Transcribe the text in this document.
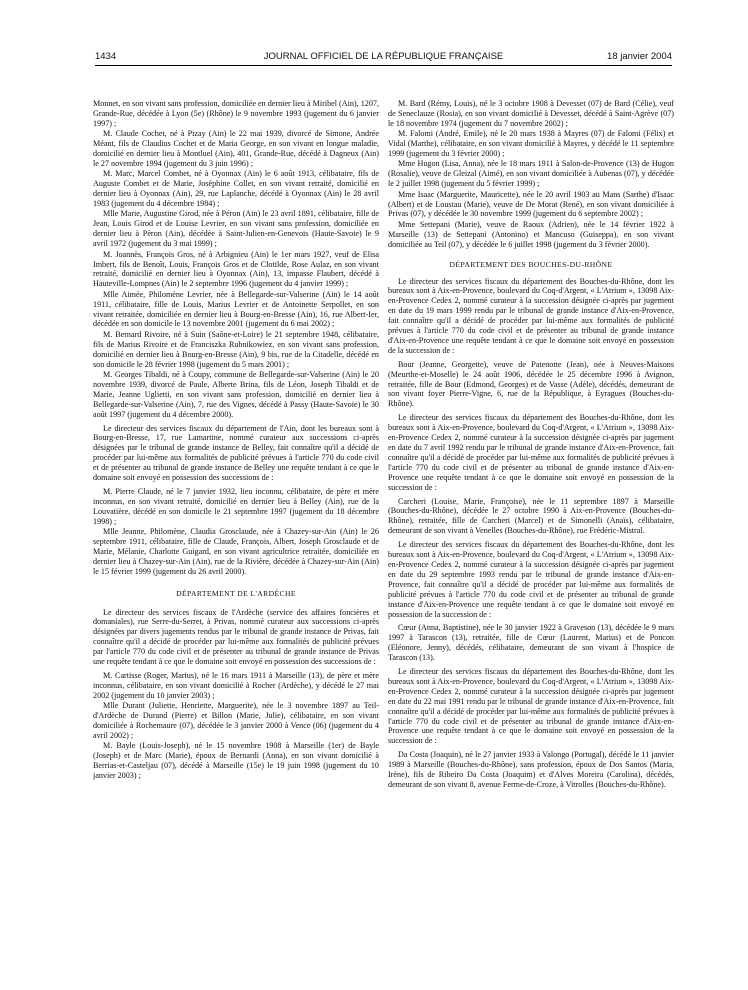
1434	JOURNAL OFFICIEL DE LA RÉPUBLIQUE FRANÇAISE	18 janvier 2004

Monnet, en son vivant sans profession, domiciliée en dernier lieu à Miribel (Ain), 1207, Grande-Rue, décédée à Lyon (5e) (Rhône) le 9 novembre 1993 (jugement du 6 janvier 1997) ;

M. Claude Cochet, né à Pizay (Ain) le 22 mai 1939, divorcé de Simone, Andrée Méant, fils de Claudius Cochet et de Maria George, en son vivant en longue maladie, domicilié en dernier lieu à Montluel (Ain), 401, Grande-Rue, décédé à Dagneux (Ain) le 27 novembre 1994 (jugement du 3 juin 1996) ;

M. Marc, Marcel Combet, né à Oyonnax (Ain) le 6 août 1913, célibataire, fils de Auguste Combet et de Marie, Joséphine Collet, en son vivant retraité, domicilié en dernier lieu à Oyonnax (Ain), 29, rue Laplanche, décédé à Oyonnax (Ain) le 28 avril 1983 (jugement du 4 décembre 1984) ;

Mlle Marie, Augustine Girod, née à Péron (Ain) le 23 avril 1891, célibataire, fille de Jean, Louis Girod et de Louise Levrier, en son vivant sans profession, domiciliée en dernier lieu à Péron (Ain), décédée à Saint-Julien-en-Genevois (Haute-Savoie) le 9 avril 1972 (jugement du 3 mai 1999) ;

M. Joannès, François Gros, né à Arbignieu (Ain) le 1er mars 1927, veuf de Elisa Imbert, fils de Benoît, Louis, François Gros et de Clotilde, Rose Aulaz, en son vivant retraité, domicilié en dernier lieu à Oyonnax (Ain), 13, impasse Flaubert, décédé à Hauteville-Lompnes (Ain) le 2 septembre 1996 (jugement du 4 janvier 1999) ;

Mlle Aimée, Philomène Levrier, née à Bellegarde-sur-Valserine (Ain) le 14 août 1911, célibataire, fille de Louis, Marius Levrier et de Antoinette Serpollet, en son vivant retraitée, domiciliée en dernier lieu à Bourg-en-Bresse (Ain), 16, rue Albert-Ier, décédée en son domicile le 13 novembre 2001 (jugement du 6 mai 2002) ;

M. Bernard Rivoire, né à Suin (Saône-et-Loire) le 21 septembre 1948, célibataire, fils de Marius Rivoire et de Franciszka Rubnikowiez, en son vivant sans profession, domicilié en dernier lieu à Bourg-en-Bresse (Ain), 9 bis, rue de la Citadelle, décédé en son domicile le 28 février 1998 (jugement du 5 mars 2001) ;

M. Georges Tibaldi, né à Coupy, commune de Bellegarde-sur-Valserine (Ain) le 20 novembre 1939, divorcé de Paule, Alberte Brina, fils de Léon, Joseph Tibaldi et de Marie, Jeanne Uglietti, en son vivant sans profession, domicilié en dernier lieu à Bellegarde-sur-Valserine (Ain), 7, rue des Vignes, décédé à Passy (Haute-Savoie) le 30 août 1997 (jugement du 4 décembre 2000).

Le directeur des services fiscaux du département de l'Ain, dont les bureaux sont à Bourg-en-Bresse, 17, rue Lamartine, nommé curateur aux successions ci-après désignées par le tribunal de grande instance de Belley, fait connaître qu'il a décidé de procéder par lui-même aux formalités de publicité prévues à l'article 770 du code civil et de présenter au tribunal de grande instance de Belley une requête tendant à ce que le domaine soit envoyé en possession des successions de :

M. Pierre Claude, né le 7 janvier 1932, lieu inconnu, célibataire, de père et mère inconnus, en son vivant retraité, domicilié en dernier lieu à Belley (Ain), rue de la Louvatière, décédé en son domicile le 21 septembre 1997 (jugement du 18 décembre 1998) ;

Mlle Jeanne, Philomène, Claudia Grosclaude, née à Chazey-sur-Ain (Ain) le 26 septembre 1911, célibataire, fille de Claude, François, Albert, Joseph Grosclaude et de Marie, Mélanie, Charlotte Guigard, en son vivant agricultrice retraitée, domiciliée en dernier lieu à Chazey-sur-Ain (Ain), rue de la Rivière, décédée à Chazey-sur-Ain (Ain) le 15 février 1999 (jugement du 26 avril 2000).

DÉPARTEMENT DE L'ARDÈCHE

Le directeur des services fiscaux de l'Ardèche (service des affaires foncières et domaniales), rue Serre-du-Serret, à Privas, nommé curateur aux successions ci-après désignées par divers jugements rendus par le tribunal de grande instance de Privas, fait connaître qu'il a décidé de procéder par lui-même aux formalités de publicité prévues par l'article 770 du code civil et de présenter au tribunal de grande instance de Privas une requête tendant à ce que le domaine soit envoyé en possession des successions de :

M. Cartisse (Roger, Marius), né le 16 mars 1911 à Marseille (13), de père et mère inconnus, célibataire, en son vivant domicilié à Rocher (Ardèche), y décédé le 27 mai 2002 (jugement du 10 janvier 2003) ;

Mlle Durant (Juliette, Henriette, Marguerite), née le 3 novembre 1897 au Teil-d'Ardèche de Durand (Pierre) et Billon (Marie, Julie), célibataire, en son vivant domiciliée à Rochemaure (07), décédée le 3 janvier 2000 à Vence (06) (jugement du 4 avril 2002) ;

M. Bayle (Louis-Joseph), né le 15 novembre 1908 à Marseille (1er) de Bayle (Joseph) et de Marc (Marie), époux de Bernardi (Anna), en son vivant domicilié à Berrias-et-Casteljau (07), décédé à Marseille (15e) le 19 juin 1998 (jugement du 10 janvier 2003) ;

M. Bard (Rémy, Louis), né le 3 octobre 1908 à Devesset (07) de Bard (Célie), veuf de Seneclauze (Rosia), en son vivant domicilié à Devesset, décédé à Saint-Agrève (07) le 18 novembre 1974 (jugement du 7 novembre 2002) ;

M. Falomi (André, Emile), né le 20 mars 1938 à Mayres (07) de Falomi (Félix) et Vidal (Marthe), célibataire, en son vivant domicilié à Mayres, y décédé le 11 septembre 1999 (jugement du 3 février 2000) ;

Mme Hugon (Lisa, Anna), née le 18 mars 1911 à Salon-de-Provence (13) de Hugon (Rosalie), veuve de Gleizal (Aimé), en son vivant domiciliée à Aubenas (07), y décédée le 2 juillet 1998 (jugement du 5 février 1999) ;

Mme Isaac (Marguerite, Mauricette), née le 20 avril 1903 au Mans (Sarthe) d'Isaac (Albert) et de Loustau (Marie), veuve de De Morat (René), en son vivant domiciliée à Privas (07), y décédée le 30 novembre 1999 (jugement du 6 septembre 2002) ;

Mme Settepani (Marie), veuve de Raoux (Adrien), née le 14 février 1922 à Marseille (13) de Settepani (Antonino) et Mancuso (Guiseppa), en son vivant domiciliée au Teil (07), y décédée le 6 juillet 1998 (jugement du 3 février 2000).

DÉPARTEMENT DES BOUCHES-DU-RHÔNE

Le directeur des services fiscaux du département des Bouches-du-Rhône, dont les bureaux sont à Aix-en-Provence, boulevard du Coq-d'Argent, « L'Atrium », 13098 Aix-en-Provence Cedex 2, nommé curateur à la succession désignée ci-après par jugement en date du 19 mars 1999 rendu par le tribunal de grande instance d'Aix-en-Provence, fait connaître qu'il a décidé de procéder par lui-même aux formalités de publicité prévues à l'article 770 du code civil et de présenter au tribunal de grande instance d'Aix-en-Provence une requête tendant à ce que le domaine soit envoyé en possession de la succession de :

Bour (Jeanne, Georgette), veuve de Patenotte (Jean), née à Neuves-Maisons (Meurthe-et-Moselle) le 24 août 1906, décédée le 25 décembre 1996 à Avignon, retraitée, fille de Bour (Edmond, Georges) et de Vasse (Adèle), décédés, demeurant de son vivant foyer Pierre-Vigne, 6, rue de la République, à Eyragues (Bouches-du-Rhône).

Le directeur des services fiscaux du département des Bouches-du-Rhône, dont les bureaux sont à Aix-en-Provence, boulevard du Coq-d'Argent, « L'Atrium », 13098 Aix-en-Provence Cedex 2, nommé curateur à la succession désignée ci-après par jugement en date du 7 avril 1992 rendu par le tribunal de grande instance d'Aix-en-Provence, fait connaître qu'il a décidé de procéder par lui-même aux formalités de publicité prévues à l'article 770 du code civil et de présenter au tribunal de grande instance d'Aix-en-Provence une requête tendant à ce que le domaine soit envoyé en possession de la succession de :

Carcheri (Louise, Marie, Françoise), née le 11 septembre 1897 à Marseille (Bouches-du-Rhône), décédée le 27 octobre 1990 à Aix-en-Provence (Bouches-du-Rhône), retraitée, fille de Carcheri (Marcel) et de Simonelli (Anaïs), célibataire, demeurant de son vivant à Venelles (Bouches-du-Rhône), rue Frédéric-Mistral.

Le directeur des services fiscaux du département des Bouches-du-Rhône, dont les bureaux sont à Aix-en-Provence, boulevard du Coq-d'Argent, « L'Atrium », 13098 Aix-en-Provence Cedex 2, nommé curateur à la succession désignée ci-après par jugement en date du 29 septembre 1993 rendu par le tribunal de grande instance d'Aix-en-Provence, fait connaître qu'il a décidé de procéder par lui-même aux formalités de publicité prévues à l'article 770 du code civil et de présenter au tribunal de grande instance d'Aix-en-Provence une requête tendant à ce que le domaine soit envoyé en possession de la succession de :

Cœur (Anna, Baptistine), née le 30 janvier 1922 à Graveson (13), décédée le 9 mars 1997 à Tarascon (13), retraitée, fille de Cœur (Laurent, Marius) et de Poncon (Eléonore, Jenny), décédés, célibataire, demeurant de son vivant à l'hospice de Tarascon (13).

Le directeur des services fiscaux du département des Bouches-du-Rhône, dont les bureaux sont à Aix-en-Provence, boulevard du Coq-d'Argent, « L'Atrium », 13098 Aix-en-Provence Cedex 2, nommé curateur à la succession désignée ci-après par jugement en date du 22 mai 1991 rendu par le tribunal de grande instance d'Aix-en-Provence, fait connaître qu'il a décidé de procéder par lui-même aux formalités de publicité prévues à l'article 770 du code civil et de présenter au tribunal de grande instance d'Aix-en-Provence une requête tendant à ce que le domaine soit envoyé en possession de la succession de :

Da Costa (Joaquin), né le 27 janvier 1933 à Valongo (Portugal), décédé le 11 janvier 1989 à Marseille (Bouches-du-Rhône), sans profession, époux de Dos Santos (Maria, Irène), fils de Ribeiro Da Costa (Joaquim) et d'Alves Moreira (Carolina), décédés, demeurant de son vivant 8, avenue Ferme-de-Croze, à Vitrolles (Bouches-du-Rhône).
